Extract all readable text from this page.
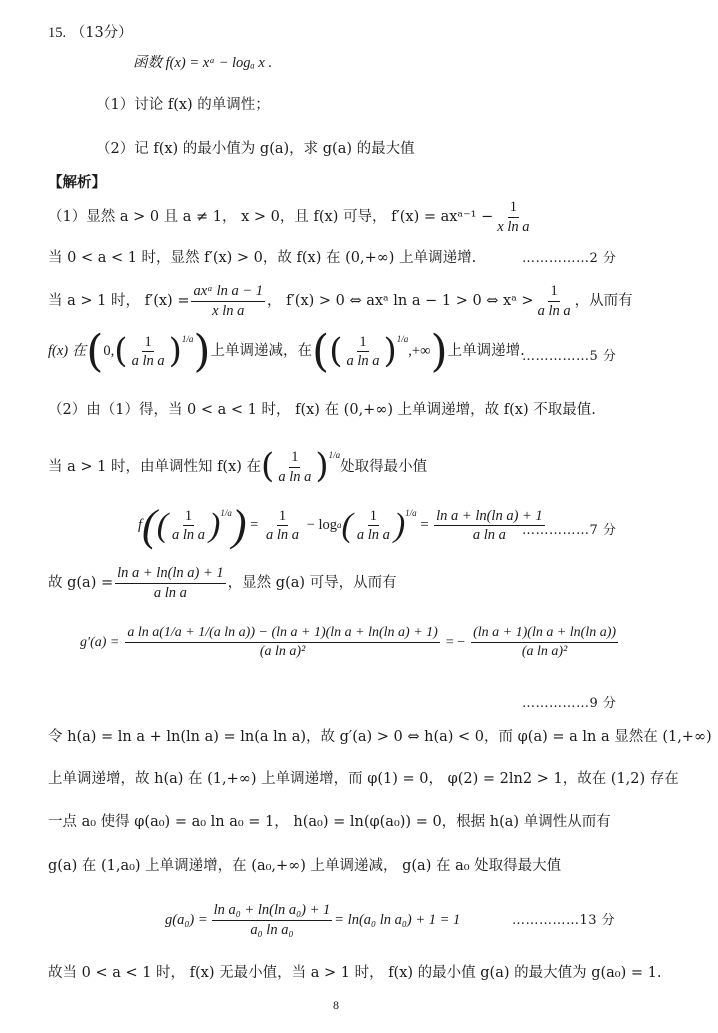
15. （13分）
函数 f(x) = xᵃ − logₐ x .
（1）讨论 f(x) 的单调性；
（2）记 f(x) 的最小值为 g(a)，求 g(a) 的最大值
【解析】
（1）显然 a > 0 且 a ≠ 1， x > 0，且 f(x) 可导， f′(x) = axᵃ⁻¹ − $\frac{1}{\text{x ln a}}$
当 0 < a < 1 时，显然 f′(x) > 0，故 f(x) 在 (0,+∞) 上单调递增.	……………2 分
当 a > 1 时， $f'(x) = \frac{\text{axᵃ ln a − 1}}{\text{x ln a}}$ ， f′(x) > 0 ⇔ axᵃ ln a − 1 > 0 ⇔ xᵃ > $\frac{1}{\text{a ln a}}$ ，从而有
f(x) 在 ( 0, ( $\frac{1}{\text{a ln a}} )^{1/a}$ ) 上单调递减，在 ( ( $\frac{1}{\text{a ln a}} )^{1/a}$
,+∞ ) 上单调递增.
……………5 分
（2）由（1）得，当 0 < a < 1 时， f(x) 在 (0,+∞) 上单调递增，故 f(x) 不取最值.
当 a > 1 时，由单调性知 f(x) 在 ( $\frac{1}{\text{a ln a}} )^{1/a}$
处取得最小值
f ( ( $\frac{1}{\text{a ln a}} )^{1/a}$ ) = $\frac{1}{\text{a ln a}} - \log a$ ( $\frac{1}{\text{a ln a}} )^{1/a}$
= $\frac{\text{ln a + ln(ln a) + 1}}{\text{a ln a}}$
……………7 分
故 $g(a) = \frac{\text{ln a + ln(ln a) + 1}}{\text{a ln a}}$ ，显然 g(a) 可导，从而有
$g'(a) = \frac{\text{a ln a(1/a + 1/(a ln a)) − (ln a + 1)(ln a + ln(ln a) + 1)}}{\text{(a ln a)²}}$ = − $\frac{\text{(ln a + 1)(ln a + ln(ln a))}}{\text{(a ln a)²}}$
……………9 分
令 h(a) = ln a + ln(ln a) = ln(a ln a)，故 g′(a) > 0 ⇔ h(a) < 0，而 φ(a) = a ln a 显然在 (1,+∞)
上单调递增，故 h(a) 在 (1,+∞) 上单调递增，而 φ(1) = 0， φ(2) = 2ln2 > 1，故在 (1,2) 存在
一点 a₀ 使得 φ(a₀) = a₀ ln a₀ = 1， h(a₀) = ln(φ(a₀)) = 0，根据 h(a) 单调性从而有
g(a) 在 (1,a₀) 上单调递增，在 (a₀,+∞) 上单调递减， g(a) 在 a₀ 处取得最大值
$g(a_0) = \frac{\text{ln a₀ + ln(ln a₀) + 1}}{\text{a₀ ln a₀}} = \ln(a_0$ ln a₀) + 1 = 1	……………13 分
故当 0 < a < 1 时， f(x) 无最小值，当 a > 1 时， f(x) 的最小值 g(a) 的最大值为 g(a₀) = 1.
8
